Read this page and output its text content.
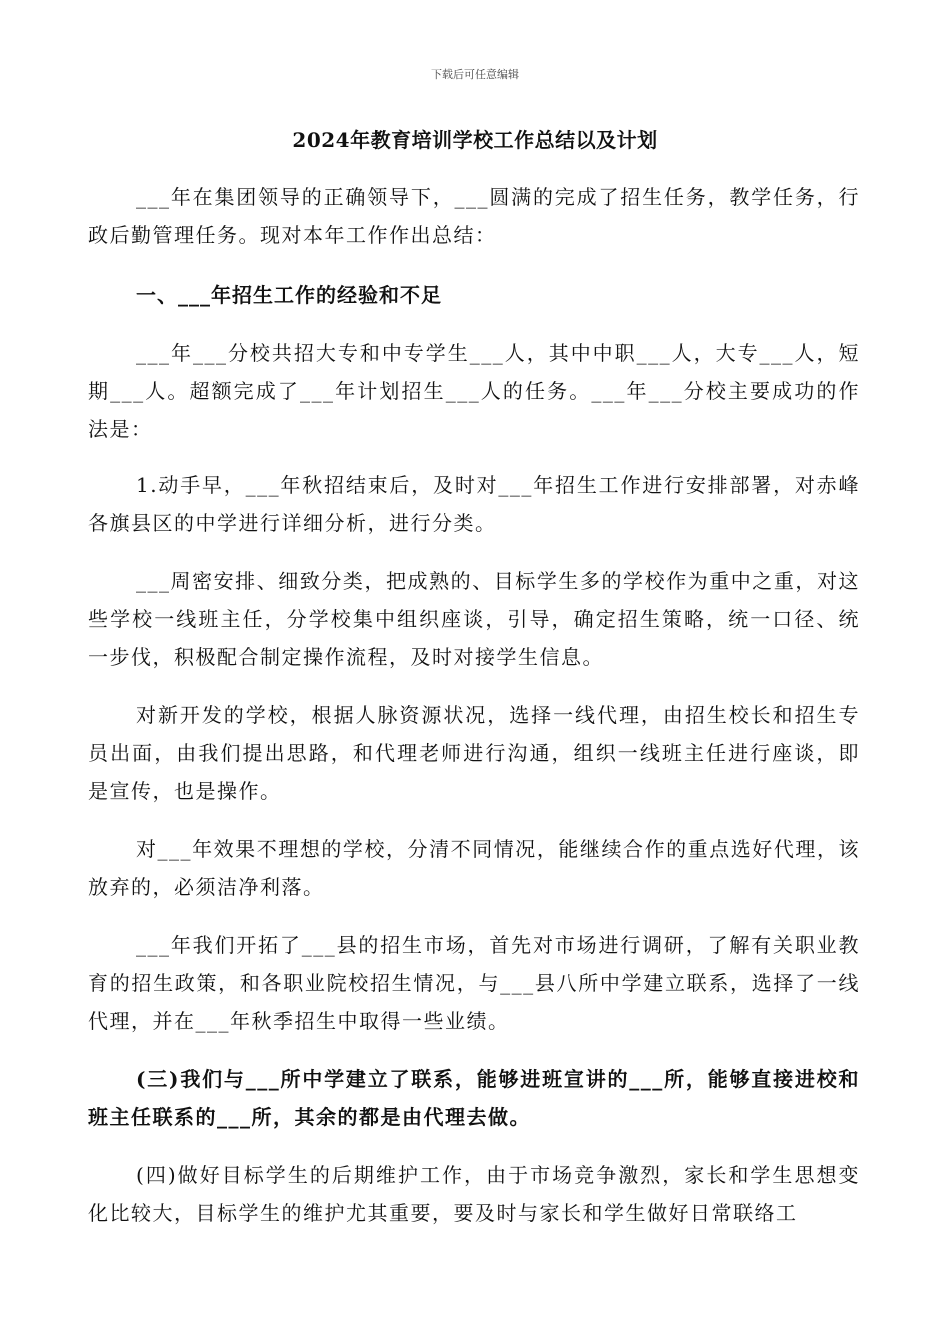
下载后可任意编辑
2024年教育培训学校工作总结以及计划

___年在集团领导的正确领导下，___圆满的完成了招生任务，教学任务，行政后勤管理任务。现对本年工作作出总结：

一、___年招生工作的经验和不足

___年___分校共招大专和中专学生___人，其中中职___人，大专___人，短期___人。超额完成了___年计划招生___人的任务。___年___分校主要成功的作法是：

1.动手早，___年秋招结束后，及时对___年招生工作进行安排部署，对赤峰各旗县区的中学进行详细分析，进行分类。

___周密安排、细致分类，把成熟的、目标学生多的学校作为重中之重，对这些学校一线班主任，分学校集中组织座谈，引导，确定招生策略，统一口径、统一步伐，积极配合制定操作流程，及时对接学生信息。

对新开发的学校，根据人脉资源状况，选择一线代理，由招生校长和招生专员出面，由我们提出思路，和代理老师进行沟通，组织一线班主任进行座谈，即是宣传，也是操作。

对___年效果不理想的学校，分清不同情况，能继续合作的重点选好代理，该放弃的，必须洁净利落。

___年我们开拓了___县的招生市场，首先对市场进行调研，了解有关职业教育的招生政策，和各职业院校招生情况，与___县八所中学建立联系，选择了一线代理，并在___年秋季招生中取得一些业绩。

(三)我们与___所中学建立了联系，能够进班宣讲的___所，能够直接进校和班主任联系的___所，其余的都是由代理去做。

(四)做好目标学生的后期维护工作，由于市场竞争激烈，家长和学生思想变化比较大，目标学生的维护尤其重要，要及时与家长和学生做好日常联络工
